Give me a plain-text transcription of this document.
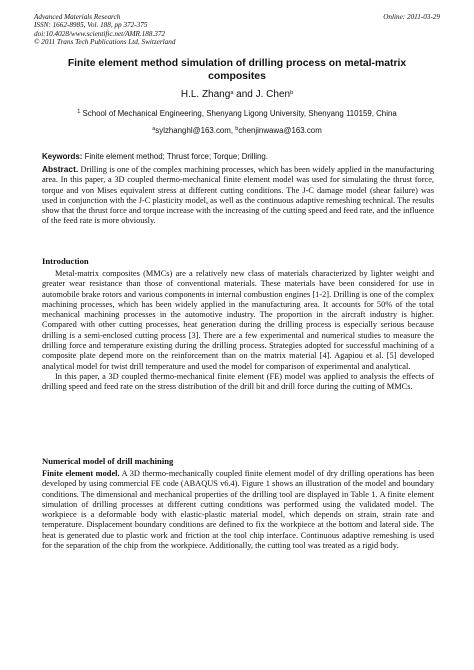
Advanced Materials Research
ISSN: 1662-8985, Vol. 188, pp 372-375
doi:10.4028/www.scientific.net/AMR.188.372
© 2011 Trans Tech Publications Ltd, Switzerland
Online: 2011-03-29
Finite element method simulation of drilling process on metal-matrix
composites
H.L. Zhang$^a$ and J. Chen$^b$
$^1$ School of Mechanical Engineering, Shenyang Ligong University, Shenyang 110159, China
$^a$sylzhanghl@163.com, $^b$chenjinwawa@163.com
Keywords: Finite element method; Thrust force; Torque; Drilling.
Abstract. Drilling is one of the complex machining processes, which has been widely applied in the manufacturing area. In this paper, a 3D coupled thermo-mechanical finite element model was used for simulating the thrust force, torque and von Mises equivalent stress at different cutting conditions. The J-C damage model (shear failure) was used in conjunction with the J-C plasticity model, as well as the continuous adaptive remeshing technical. The results show that the thrust force and torque increase with the increasing of the cutting speed and feed rate, and the influence of the feed rate is more obviously.
Introduction

Metal-matrix composites (MMCs) are a relatively new class of materials characterized by lighter weight and greater wear resistance than those of conventional materials. These materials have been considered for use in automobile brake rotors and various components in internal combustion engines [1-2]. Drilling is one of the complex machining processes, which has been widely applied in the manufacturing area. It accounts for 50% of the total mechanical machining processes in the automotive industry. The proportion in the aircraft industry is higher. Compared with other cutting processes, heat generation during the drilling process is especially serious because drilling is a semi-enclosed cutting process [3]. There are a few experimental and numerical studies to measure the drilling force and temperature existing during the drilling process. Strategies adopted for successful machining of a composite plate depend more on the reinforcement than on the matrix material [4]. Agapiou et al. [5] developed analytical model for twist drill temperature and used the model for comparison of experimental and analytical.

In this paper, a 3D coupled thermo-mechanical finite element (FE) model was applied to analysis the effects of drilling speed and feed rate on the stress distribution of the drill bit and drill force during the cutting of MMCs.

Numerical model of drill machining
Finite element model. A 3D thermo-mechanically coupled finite element model of dry drilling operations has been developed by using commercial FE code (ABAQUS v6.4). Figure 1 shows an illustration of the model and boundary conditions. The dimensional and mechanical properties of the drilling tool are displayed in Table 1. A finite element simulation of drilling processes at different cutting conditions was performed using the validated model. The workpiece is a deformable body with elastic-plastic material model, which depends on strain, strain rate and temperature. Displacement boundary conditions are defined to fix the workpiece at the bottom and lateral side. The heat is generated due to plastic work and friction at the tool chip interface. Continuous adaptive remeshing is used for the separation of the chip from the workpiece. Additionally, the cutting tool was treated as a rigid body.
